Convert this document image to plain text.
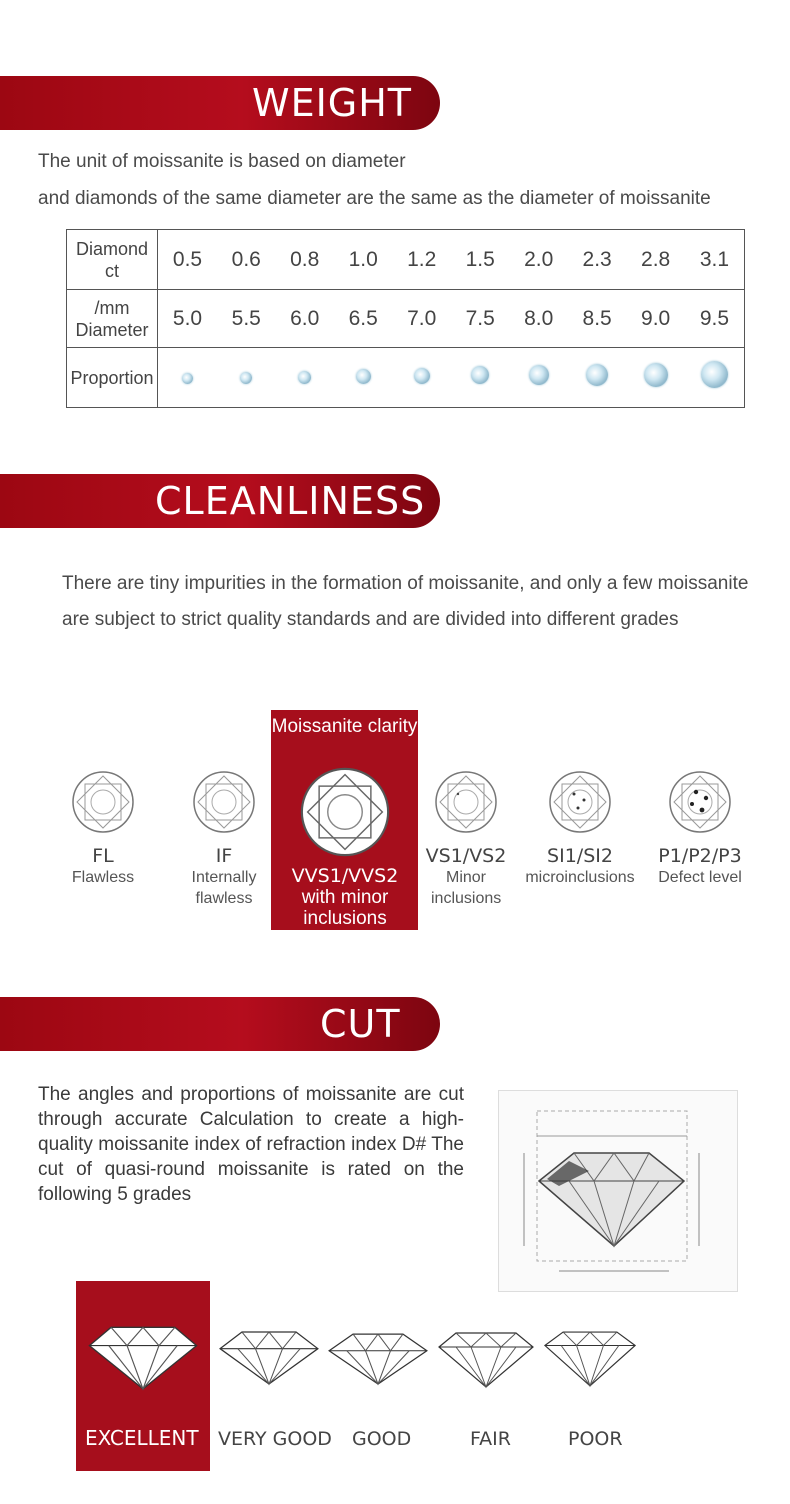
WEIGHT
The unit of moissanite is based on diameter
and diamonds of the same diameter are the same as the diameter of moissanite
Diamond ct	0.5	0.6	0.8	1.0	1.2	1.5	2.0	2.3	2.8	3.1
/mm Diameter	5.0	5.5	6.0	6.5	7.0	7.5	8.0	8.5	9.0	9.5
Proportion										
CLEANLINESS
There are tiny impurities in the formation of moissanite, and only a few moissanite
are subject to strict quality standards and are divided into different grades
Moissanite clarity
FL
Flawless
IF
Internally flawless
VVS1/VVS2
with minor inclusions
VS1/VS2
Minor inclusions
SI1/SI2
microinclusions
P1/P2/P3
Defect level
CUT
The angles and proportions of moissanite are cut through accurate Calculation to create a high-quality moissanite index of refraction index D# The cut of quasi-round moissanite is rated on the following 5 grades
EXCELLENT VERY GOOD GOOD	FAIR	POOR
